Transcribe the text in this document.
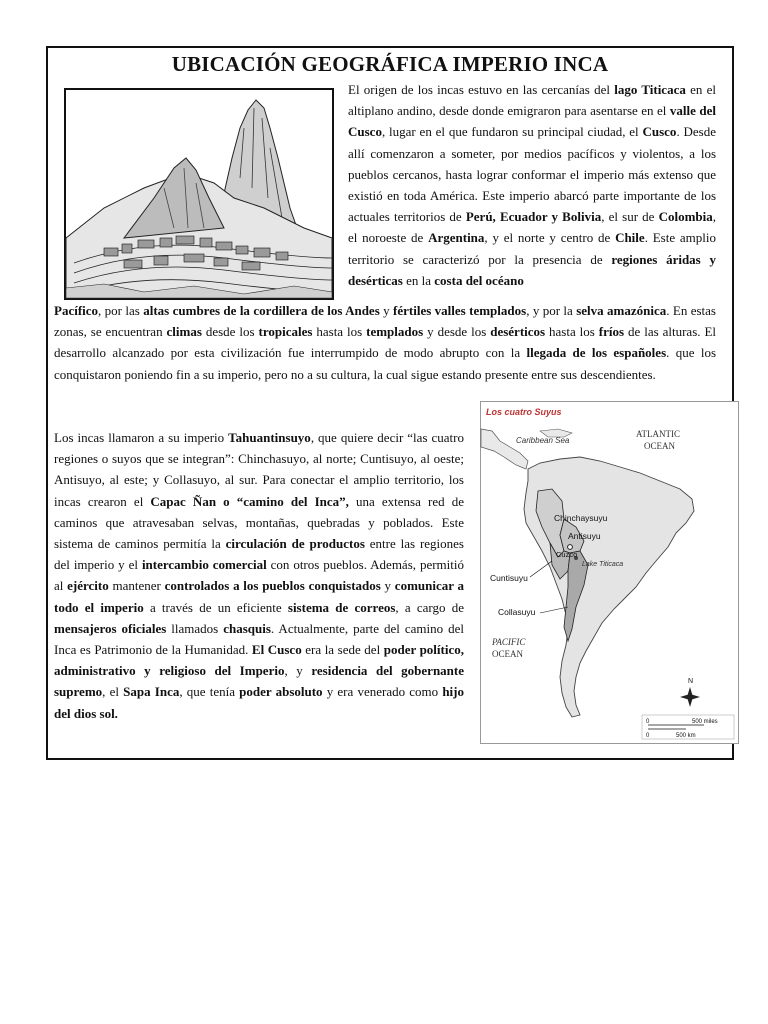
UBICACIÓN GEOGRÁFICA IMPERIO INCA

El origen de los incas estuvo en las cercanías del lago Titicaca en el altiplano andino, desde donde emigraron para asentarse en el valle del Cusco, lugar en el que fundaron su principal ciudad, el Cusco. Desde allí comenzaron a someter, por medios pacíficos y violentos, a los pueblos cercanos, hasta lograr conformar el imperio más extenso que existió en toda América. Este imperio abarcó parte importante de los actuales territorios de Perú, Ecuador y Bolivia, el sur de Colombia, el noroeste de Argentina, y el norte y centro de Chile. Este amplio territorio se caracterizó por la presencia de regiones áridas y desérticas en la costa del océano

Pacífico, por las altas cumbres de la cordillera de los Andes y fértiles valles templados, y por la selva amazónica. En estas zonas, se encuentran climas desde los tropicales hasta los templados y desde los desérticos hasta los fríos de las alturas. El desarrollo alcanzado por esta civilización fue interrumpido de modo abrupto con la llegada de los españoles. que los conquistaron poniendo fin a su imperio, pero no a su cultura, la cual sigue estando presente entre sus descendientes.

Los incas llamaron a su imperio Tahuantinsuyo, que quiere decir “las cuatro regiones o suyos que se integran”: Chinchasuyo, al norte; Cuntisuyo, al oeste; Antisuyo, al este; y Collasuyo, al sur. Para conectar el amplio territorio, los incas crearon el Capac Ñan o “camino del Inca”, una extensa red de caminos que atravesaban selvas, montañas, quebradas y poblados. Este sistema de caminos permitía la circulación de productos entre las regiones del imperio y el intercambio comercial con otros pueblos. Además, permitió al ejército mantener controlados a los pueblos conquistados y comunicar a todo el imperio a través de un eficiente sistema de correos, a cargo de mensajeros oficiales llamados chasquis. Actualmente, parte del camino del Inca es Patrimonio de la Humanidad. El Cusco era la sede del poder político, administrativo y religioso del Imperio, y residencia del gobernante supremo, el Sapa Inca, que tenía poder absoluto y era venerado como hijo del dios sol.

Los cuatro Suyus
Caribbean Sea
ATLANTIC
OCEAN
Chinchaysuyu
Antisuyu
Cuzco
Lake Titicaca
Cuntisuyu
Collasuyu
PACIFIC
OCEAN
N
0	500 miles
0	500 km
